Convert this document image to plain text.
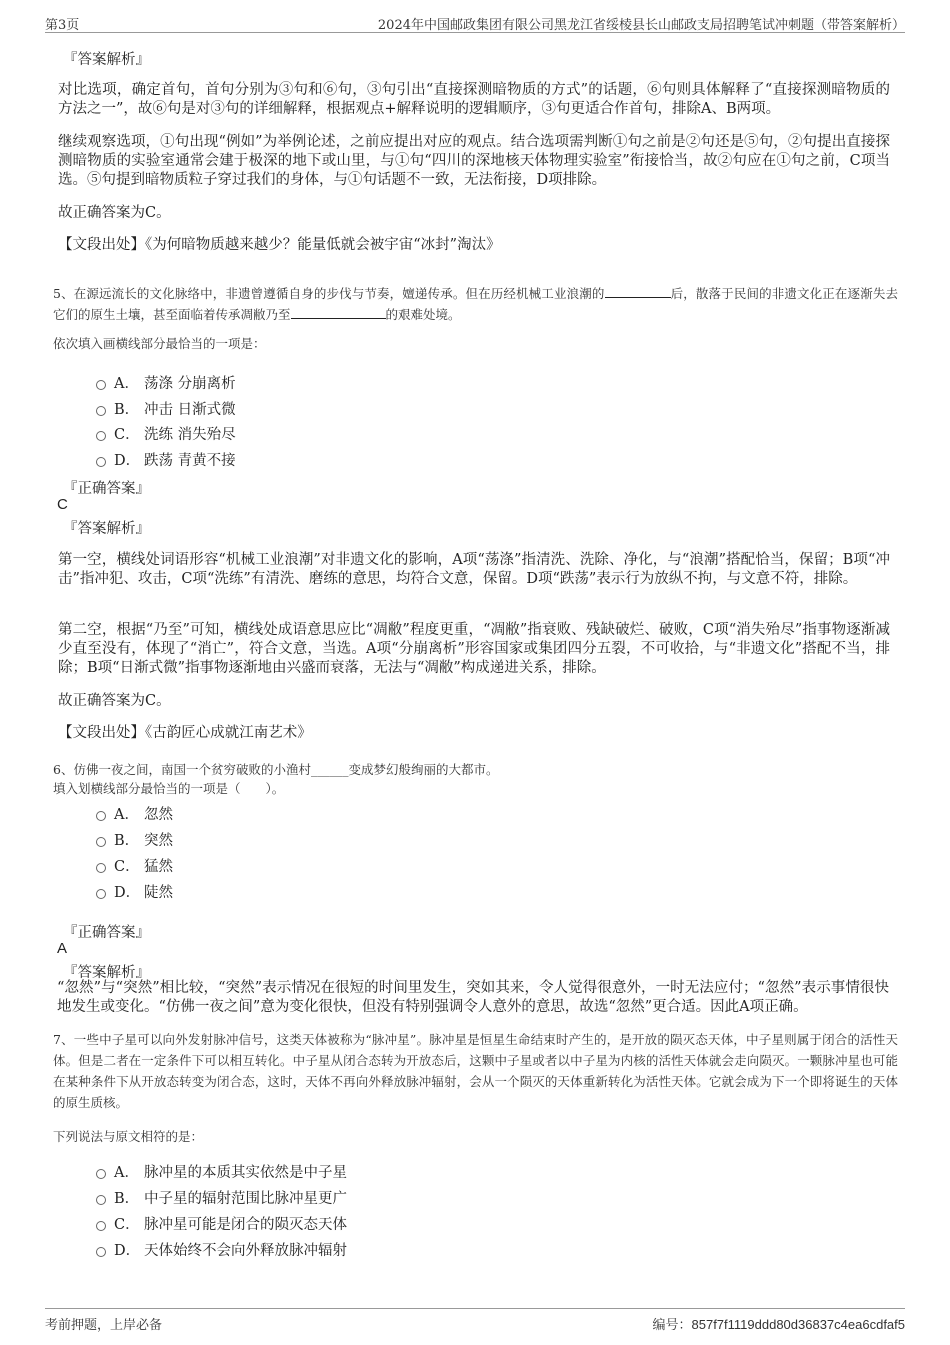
第3页	2024年中国邮政集团有限公司黑龙江省绥棱县长山邮政支局招聘笔试冲刺题（带答案解析）
『答案解析』
对比选项，确定首句，首句分别为③句和⑥句，③句引出“直接探测暗物质的方式”的话题，⑥句则具体解释了“直接探测暗物质的方法之一”，故⑥句是对③句的详细解释，根据观点+解释说明的逻辑顺序，③句更适合作首句，排除A、B两项。
继续观察选项，①句出现“例如”为举例论述，之前应提出对应的观点。结合选项需判断①句之前是②句还是⑤句，②句提出直接探测暗物质的实验室通常会建于极深的地下或山里，与①句“四川的深地核天体物理实验室”衔接恰当，故②句应在①句之前，C项当选。⑤句提到暗物质粒子穿过我们的身体，与①句话题不一致，无法衔接，D项排除。
故正确答案为C。
【文段出处】《为何暗物质越来越少？能量低就会被宇宙“冰封”淘汰》
5、在源远流长的文化脉络中，非遗曾遵循自身的步伐与节奏，嬗递传承。但在历经机械工业浪潮的	后，散落于民间的非遗文化正在逐渐失去它们的原生土壤，甚至面临着传承凋敝乃至	的艰难处境。
依次填入画横线部分最恰当的一项是：
A． 荡涤 分崩离析
B． 冲击 日渐式微
C． 洗练 消失殆尽
D． 跌荡 青黄不接
『正确答案』
C
『答案解析』
第一空，横线处词语形容“机械工业浪潮”对非遗文化的影响，A项“荡涤”指清洗、洗除、净化，与“浪潮”搭配恰当，保留；B项“冲击”指冲犯、攻击，C项“洗练”有清洗、磨练的意思，均符合文意，保留。D项“跌荡”表示行为放纵不拘，与文意不符，排除。
第二空，根据“乃至”可知，横线处成语意思应比“凋敝”程度更重，“凋敝”指衰败、残缺破烂、破败，C项“消失殆尽”指事物逐渐减少直至没有，体现了“消亡”，符合文意，当选。A项“分崩离析”形容国家或集团四分五裂，不可收拾，与“非遗文化”搭配不当，排除；B项“日渐式微”指事物逐渐地由兴盛而衰落，无法与“凋敝”构成递进关系，排除。
故正确答案为C。
【文段出处】《古韵匠心成就江南艺术》
6、仿佛一夜之间，南国一个贫穷破败的小渔村______变成梦幻般绚丽的大都市。
填入划横线部分最恰当的一项是（　　）。
A． 忽然
B． 突然
C． 猛然
D． 陡然
『正确答案』
A
『答案解析』
“忽然”与“突然”相比较，“突然”表示情况在很短的时间里发生，突如其来，令人觉得很意外，一时无法应付；“忽然”表示事情很快地发生或变化。“仿佛一夜之间”意为变化很快，但没有特别强调令人意外的意思，故选“忽然”更合适。因此A项正确。
7、一些中子星可以向外发射脉冲信号，这类天体被称为“脉冲星”。脉冲星是恒星生命结束时产生的，是开放的陨灭态天体，中子星则属于闭合的活性天体。但是二者在一定条件下可以相互转化。中子星从闭合态转为开放态后，这颗中子星或者以中子星为内核的活性天体就会走向陨灭。一颗脉冲星也可能在某种条件下从开放态转变为闭合态，这时，天体不再向外释放脉冲辐射，会从一个陨灭的天体重新转化为活性天体。它就会成为下一个即将诞生的天体的原生质核。
下列说法与原文相符的是：
A． 脉冲星的本质其实依然是中子星
B． 中子星的辐射范围比脉冲星更广
C． 脉冲星可能是闭合的陨灭态天体
D． 天体始终不会向外释放脉冲辐射
考前押题，上岸必备	编号：857f7f1119ddd80d36837c4ea6cdfaf5
